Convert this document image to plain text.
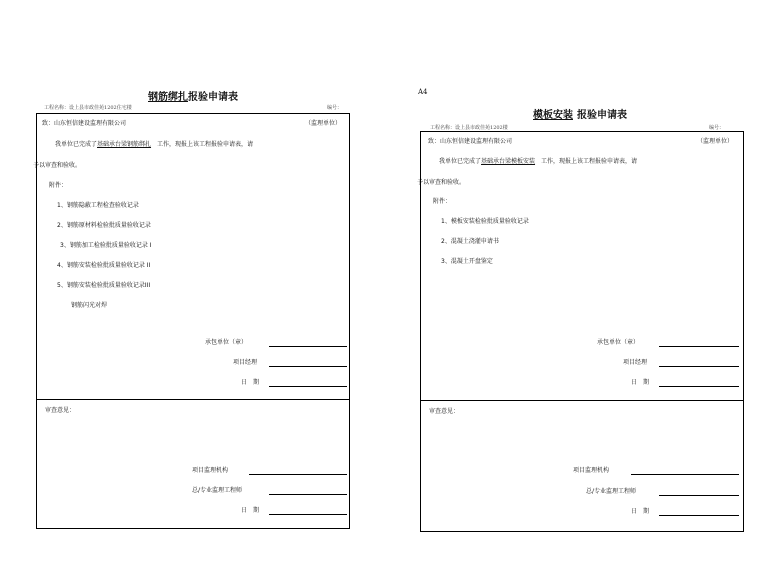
A4
钢筋绑扎报验申请表
工程名称：设上县市政佳苑1202住宅楼	编号：
致：山东恒信建设监理有限公司	（监理单位）
我单位已完成了基础承台梁钢筋绑扎 工作，现报上该工程报验申请表，请
予以审查和验收。
附件：
1、钢筋隐蔽工程检查验收记录
2、钢筋原材料检验批质量验收记录
3、钢筋加工检验批质量验收记录 I
4、钢筋安装检验批质量验收记录 II
5、钢筋安装检验批质量验收记录III
钢筋闪光对焊
承包单位（章）
项目经理
日　期
审查意见：
项目监理机构
总/专业监理工程师
日　期
模板安装 报验申请表
工程名称：设上县市政佳苑1202楼	编号：
致：山东恒信建设监理有限公司	（监理单位）
我单位已完成了基础承台梁模板安装 工作，现报上该工程报验申请表，请
予以审查和验收。
附件：
1、模板安装检验批质量验收记录
2、混凝土浇灌申请书
3、混凝土开盘鉴定
承包单位（章）
项目经理
日　期
审查意见：
项目监理机构
总/专业监理工程师
日　期
